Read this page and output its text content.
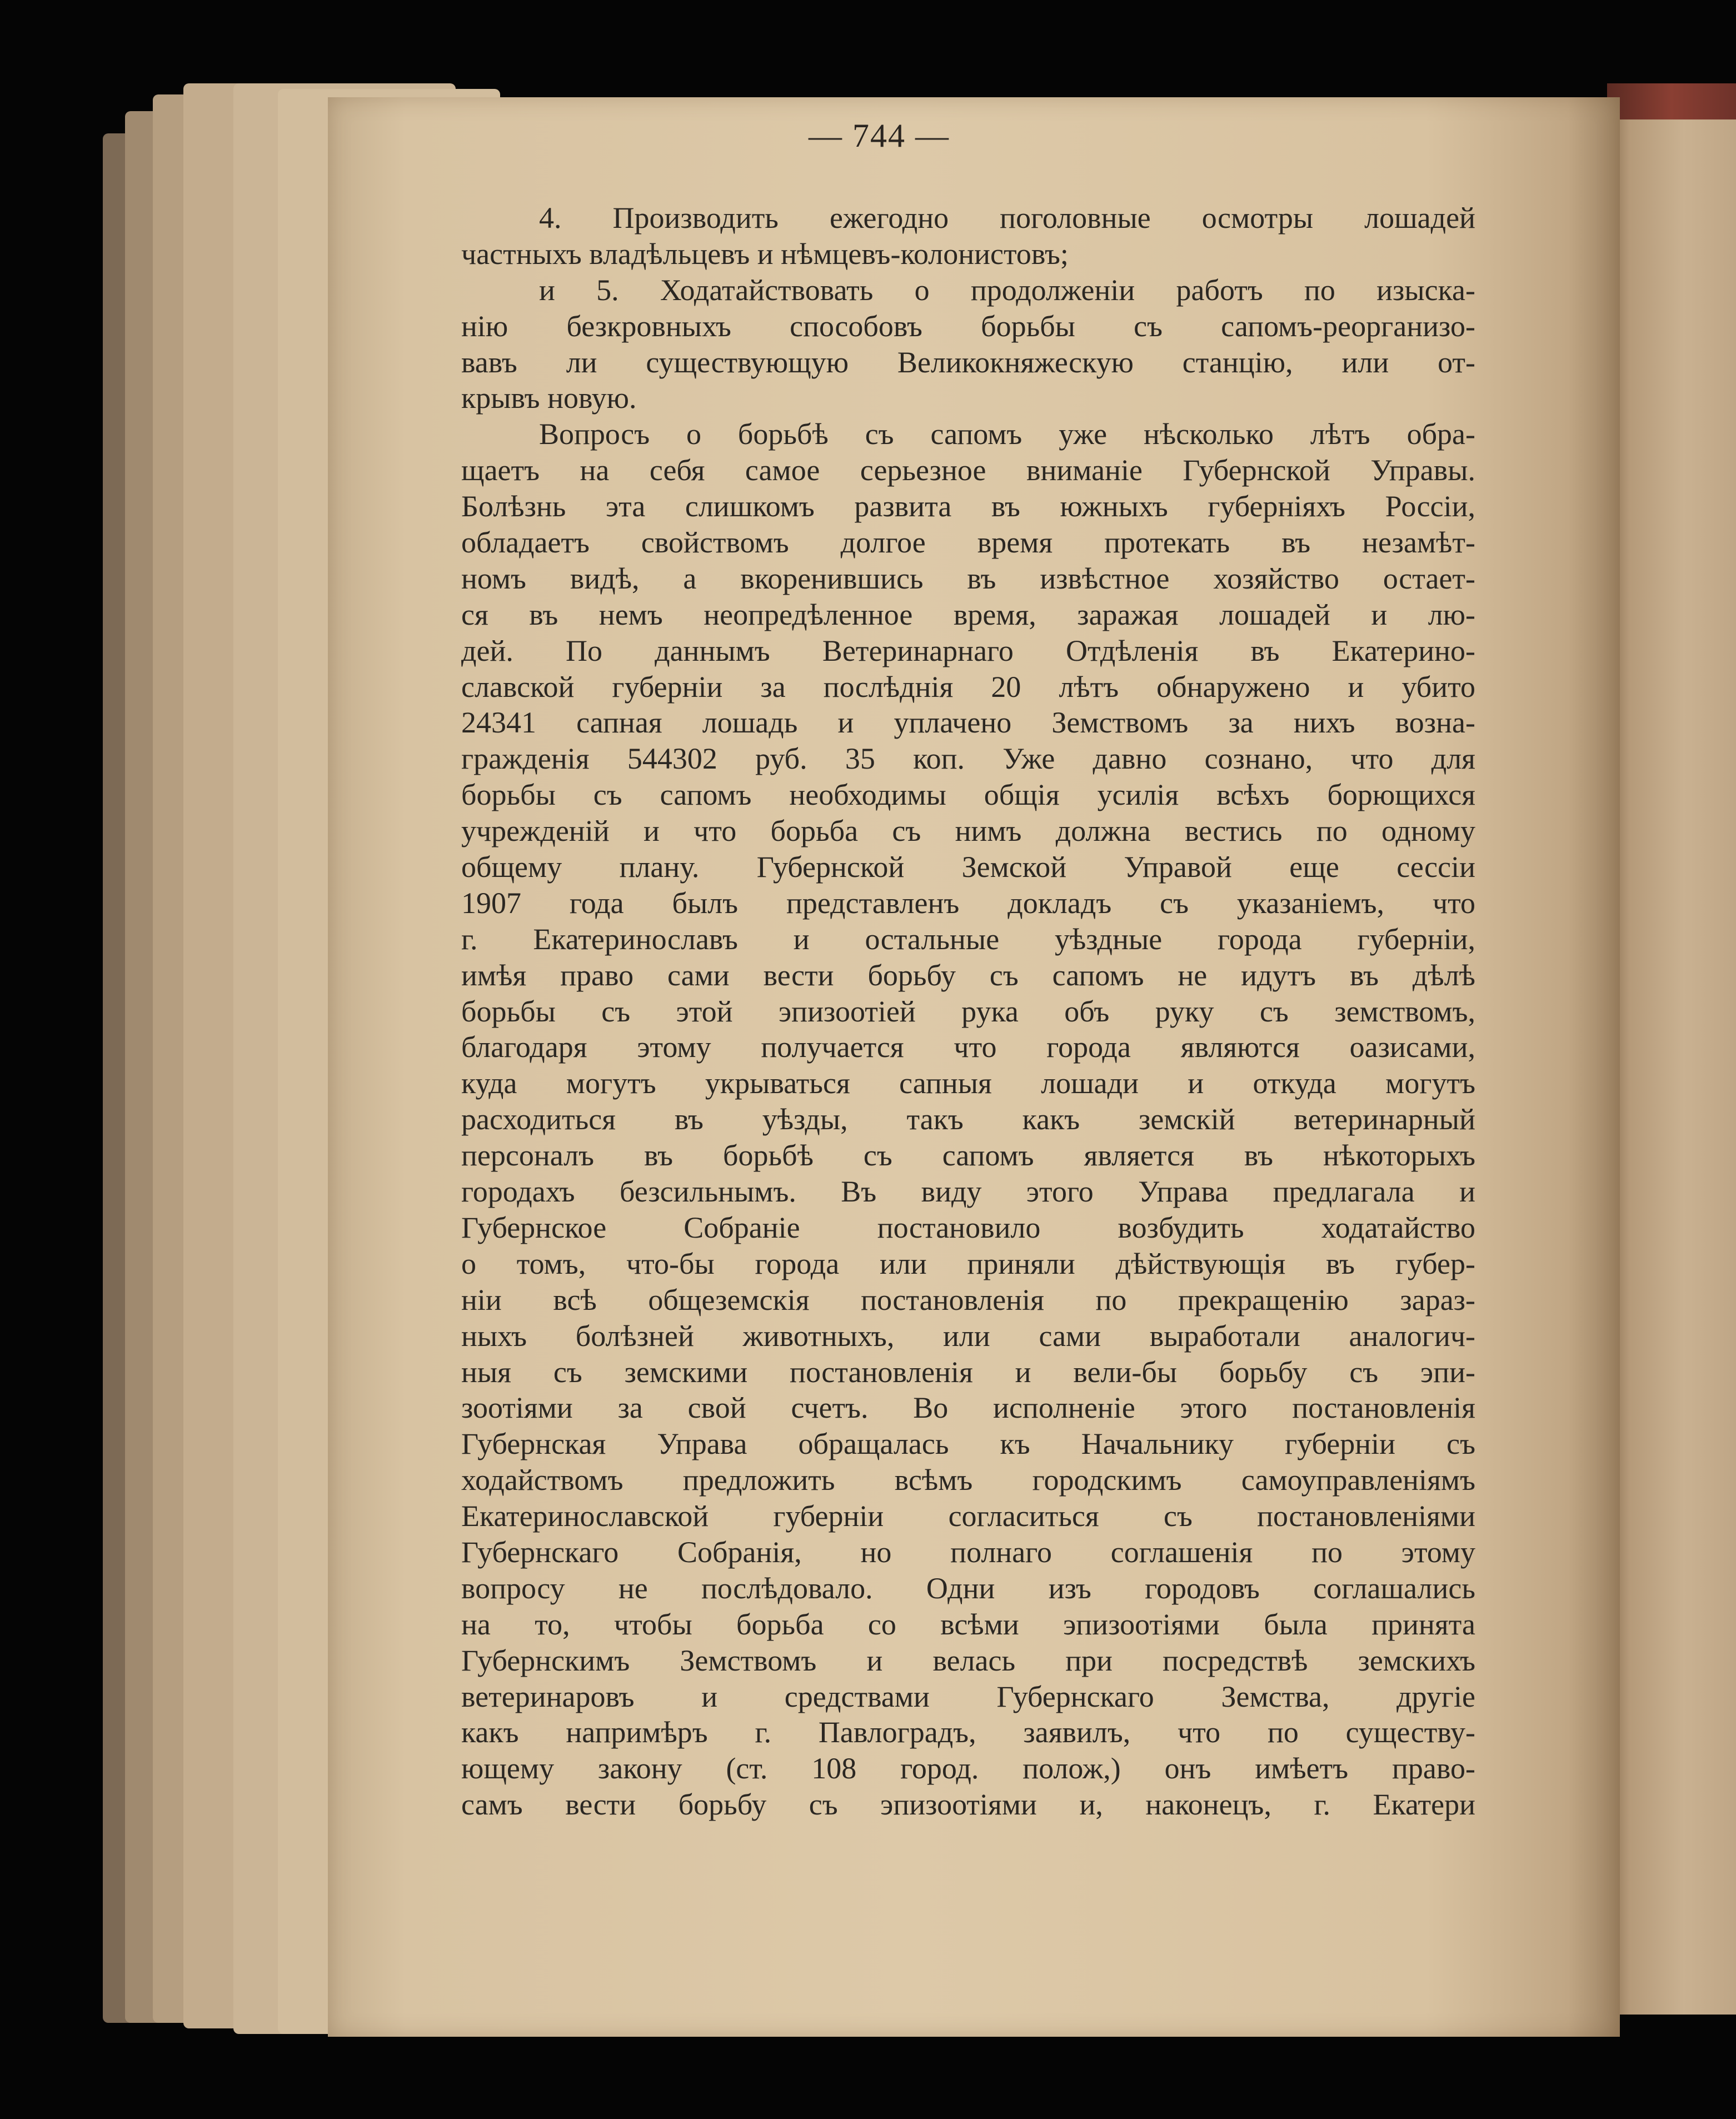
— 744 —
4. Производить ежегодно поголовные осмотры лошадей
частныхъ владѣльцевъ и нѣмцевъ-колонистовъ;
и 5. Ходатайствовать о продолженіи работъ по изыска-
нію безкровныхъ способовъ борьбы съ сапомъ-реорганизо-
вавъ ли существующую Великокняжескую станцію, или от-
крывъ новую.
Вопросъ о борьбѣ съ сапомъ уже нѣсколько лѣтъ обра-
щаетъ на себя самое серьезное вниманіе Губернской Управы.
Болѣзнь эта слишкомъ развита въ южныхъ губерніяхъ Россіи,
обладаетъ свойствомъ долгое время протекать въ незамѣт-
номъ видѣ, а вкоренившись въ извѣстное хозяйство остает-
ся въ немъ неопредѣленное время, заражая лошадей и лю-
дей. По даннымъ Ветеринарнаго Отдѣленія въ Екатерино-
славской губерніи за послѣднія 20 лѣтъ обнаружено и убито
24341 сапная лошадь и уплачено Земствомъ за нихъ возна-
гражденія 544302 руб. 35 коп. Уже давно сознано, что для
борьбы съ сапомъ необходимы общія усилія всѣхъ борющихся
учрежденій и что борьба съ нимъ должна вестись по одному
общему плану. Губернской Земской Управой еще сессіи
1907 года былъ представленъ докладъ съ указаніемъ, что
г. Екатеринославъ и остальные уѣздные города губерніи,
имѣя право сами вести борьбу съ сапомъ не идутъ въ дѣлѣ
борьбы съ этой эпизоотіей рука объ руку съ земствомъ,
благодаря этому получается что города являются оазисами,
куда могутъ укрываться сапныя лошади и откуда могутъ
расходиться въ уѣзды, такъ какъ земскій ветеринарный
персоналъ въ борьбѣ съ сапомъ является въ нѣкоторыхъ
городахъ безсильнымъ. Въ виду этого Управа предлагала и
Губернское Собраніе постановило возбудить ходатайство
о томъ, что-бы города или приняли дѣйствующія въ губер-
ніи всѣ общеземскія постановленія по прекращенію зараз-
ныхъ болѣзней животныхъ, или сами выработали аналогич-
ныя съ земскими постановленія и вели-бы борьбу съ эпи-
зоотіями за свой счетъ. Во исполненіе этого постановленія
Губернская Управа обращалась къ Начальнику губерніи съ
ходайствомъ предложить всѣмъ городскимъ самоуправленіямъ
Екатеринославской губерніи согласиться съ постановленіями
Губернскаго Собранія, но полнаго соглашенія по этому
вопросу не послѣдовало. Одни изъ городовъ соглашались
на то, чтобы борьба со всѣми эпизоотіями была принята
Губернскимъ Земствомъ и велась при посредствѣ земскихъ
ветеринаровъ и средствами Губернскаго Земства, другіе
какъ напримѣръ г. Павлоградъ, заявилъ, что по существу-
ющему закону (ст. 108 город. полож,) онъ имѣетъ право-
самъ вести борьбу съ эпизоотіями и, наконецъ, г. Екатери
